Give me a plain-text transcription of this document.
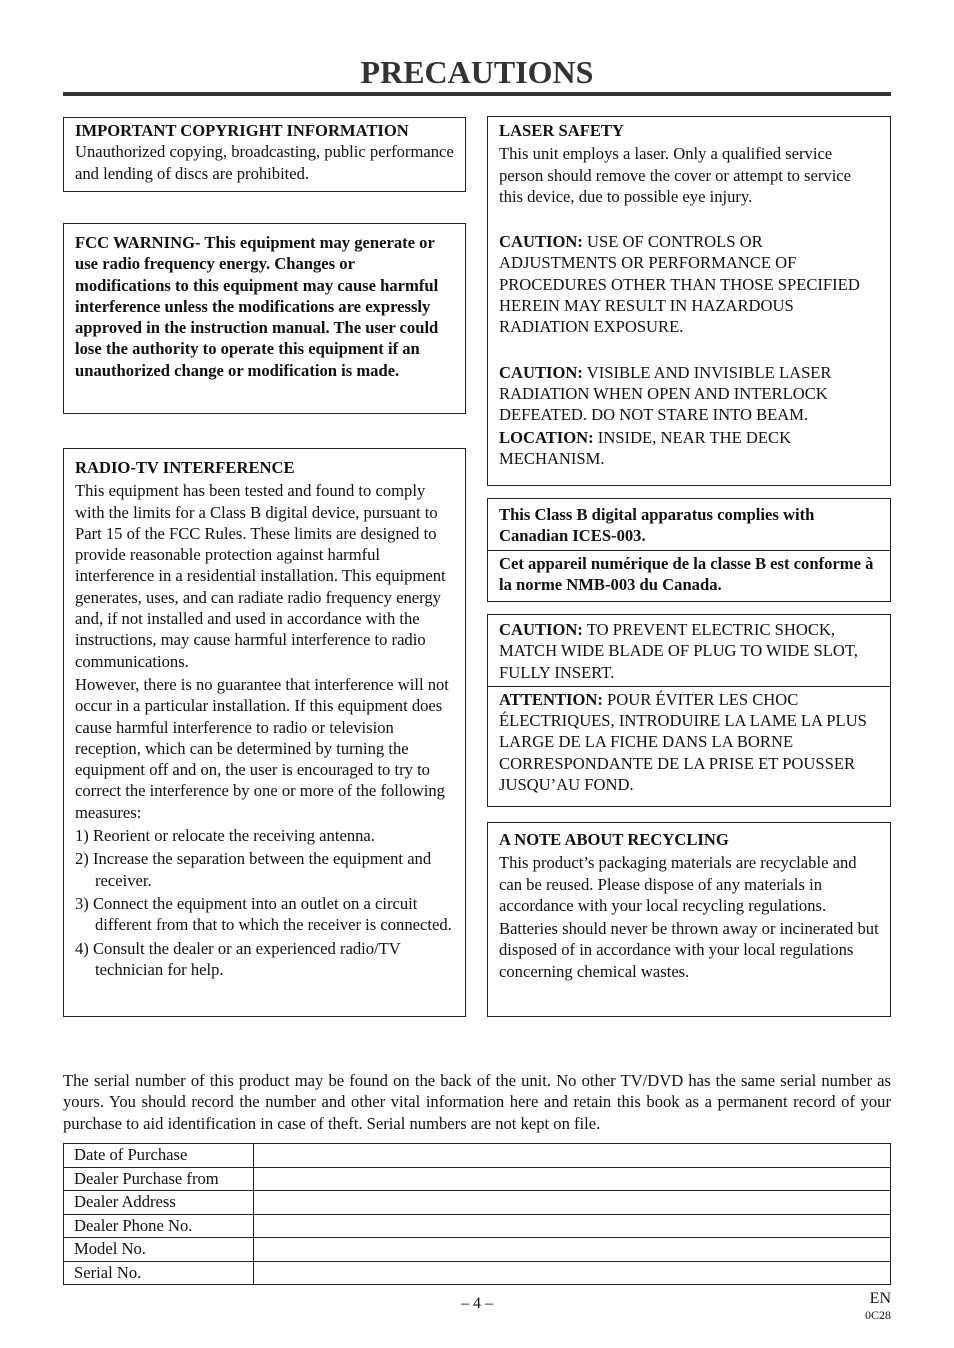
PRECAUTIONS

IMPORTANT COPYRIGHT INFORMATION

Unauthorized copying, broadcasting, public performance and lending of discs are prohibited.

FCC WARNING- This equipment may generate or use radio frequency energy. Changes or modifications to this equipment may cause harmful interference unless the modifications are expressly approved in the instruction manual. The user could lose the authority to operate this equipment if an unauthorized change or modification is made.

RADIO-TV INTERFERENCE

This equipment has been tested and found to comply with the limits for a Class B digital device, pursuant to Part 15 of the FCC Rules. These limits are designed to provide reasonable protection against harmful interference in a residential installation. This equipment generates, uses, and can radiate radio frequency energy and, if not installed and used in accordance with the instructions, may cause harmful interference to radio communications.

However, there is no guarantee that interference will not occur in a particular installation. If this equipment does cause harmful interference to radio or television reception, which can be determined by turning the equipment off and on, the user is encouraged to try to correct the interference by one or more of the following measures:

1) Reorient or relocate the receiving antenna.
2) Increase the separation between the equipment and receiver.
3) Connect the equipment into an outlet on a circuit different from that to which the receiver is connected.
4) Consult the dealer or an experienced radio/TV technician for help.

LASER SAFETY

This unit employs a laser. Only a qualified service person should remove the cover or attempt to service this device, due to possible eye injury.

CAUTION: USE OF CONTROLS OR ADJUSTMENTS OR PERFORMANCE OF PROCEDURES OTHER THAN THOSE SPECIFIED HEREIN MAY RESULT IN HAZARDOUS RADIATION EXPOSURE.

CAUTION: VISIBLE AND INVISIBLE LASER RADIATION WHEN OPEN AND INTERLOCK DEFEATED. DO NOT STARE INTO BEAM.

LOCATION: INSIDE, NEAR THE DECK MECHANISM.

This Class B digital apparatus complies with Canadian ICES-003.

Cet appareil numérique de la classe B est conforme à la norme NMB-003 du Canada.

CAUTION: TO PREVENT ELECTRIC SHOCK, MATCH WIDE BLADE OF PLUG TO WIDE SLOT, FULLY INSERT.

ATTENTION: POUR ÉVITER LES CHOC ÉLECTRIQUES, INTRODUIRE LA LAME LA PLUS LARGE DE LA FICHE DANS LA BORNE CORRESPONDANTE DE LA PRISE ET POUSSER JUSQU’AU FOND.

A NOTE ABOUT RECYCLING

This product’s packaging materials are recyclable and can be reused. Please dispose of any materials in accordance with your local recycling regulations.

Batteries should never be thrown away or incinerated but disposed of in accordance with your local regulations concerning chemical wastes.

The serial number of this product may be found on the back of the unit. No other TV/DVD has the same serial number as yours. You should record the number and other vital information here and retain this book as a permanent record of your purchase to aid identification in case of theft. Serial numbers are not kept on file.

Date of Purchase	
Dealer Purchase from	
Dealer Address	
Dealer Phone No.	
Model No.	
Serial No.	
– 4 –	EN
0C28
